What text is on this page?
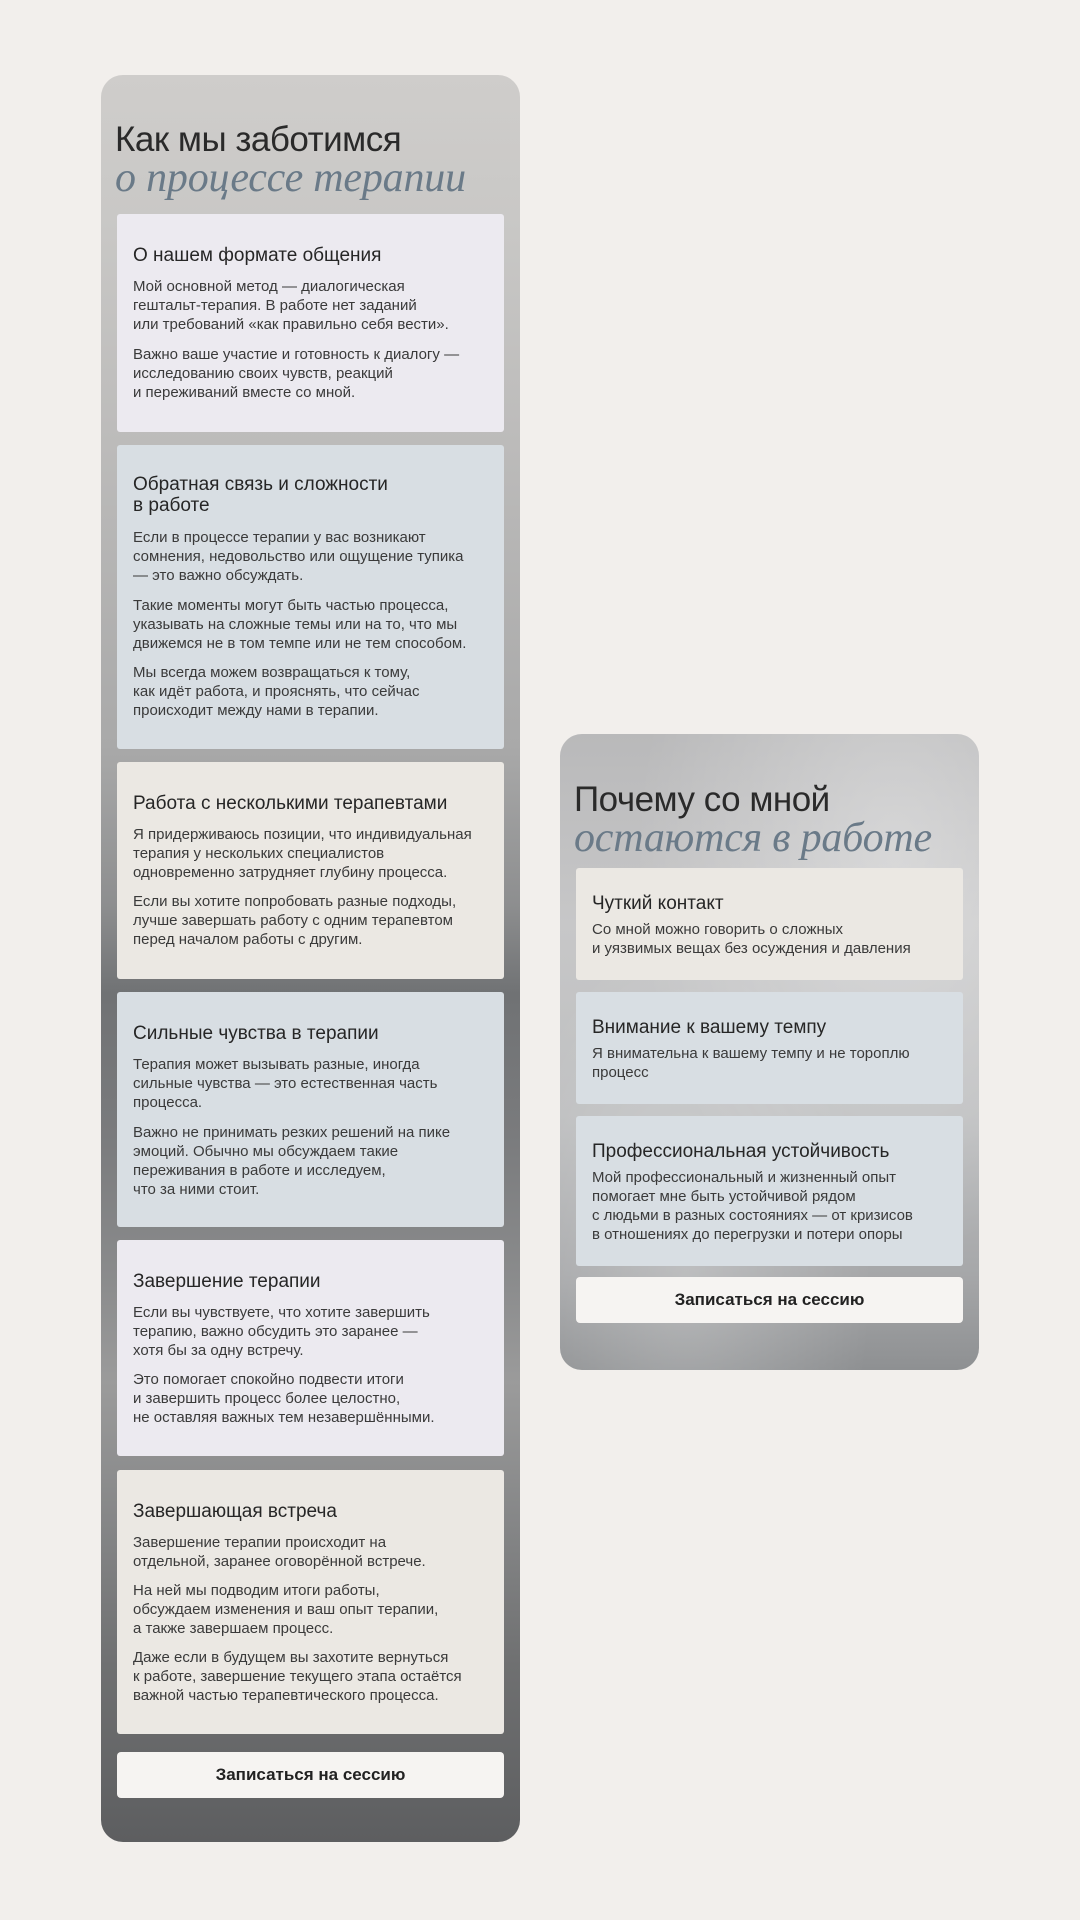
Как мы заботимся
о процессе терапии
О нашем формате общения

Мой основной метод — диалогическая
гештальт-терапия. В работе нет заданий
или требований «как правильно себя вести».

Важно ваше участие и готовность к диалогу —
исследованию своих чувств, реакций
и переживаний вместе со мной.

Обратная связь и сложности
в работе

Если в процессе терапии у вас возникают
сомнения, недовольство или ощущение тупика
— это важно обсуждать.

Такие моменты могут быть частью процесса,
указывать на сложные темы или на то, что мы
движемся не в том темпе или не тем способом.

Мы всегда можем возвращаться к тому,
как идёт работа, и прояснять, что сейчас
происходит между нами в терапии.

Работа с несколькими терапевтами

Я придерживаюсь позиции, что индивидуальная
терапия у нескольких специалистов
одновременно затрудняет глубину процесса.

Если вы хотите попробовать разные подходы,
лучше завершать работу с одним терапевтом
перед началом работы с другим.

Сильные чувства в терапии

Терапия может вызывать разные, иногда
сильные чувства — это естественная часть
процесса.

Важно не принимать резких решений на пике
эмоций. Обычно мы обсуждаем такие
переживания в работе и исследуем,
что за ними стоит.

Завершение терапии

Если вы чувствуете, что хотите завершить
терапию, важно обсудить это заранее —
хотя бы за одну встречу.

Это помогает спокойно подвести итоги
и завершить процесс более целостно,
не оставляя важных тем незавершёнными.

Завершающая встреча

Завершение терапии происходит на
отдельной, заранее оговорённой встрече.

На ней мы подводим итоги работы,
обсуждаем изменения и ваш опыт терапии,
а также завершаем процесс.

Даже если в будущем вы захотите вернуться
к работе, завершение текущего этапа остаётся
важной частью терапевтического процесса.

Записаться на сессию
Почему со мной
остаются в работе
Чуткий контакт

Со мной можно говорить о сложных
и уязвимых вещах без осуждения и давления

Внимание к вашему темпу

Я внимательна к вашему темпу и не тороплю
процесс

Профессиональная устойчивость

Мой профессиональный и жизненный опыт
помогает мне быть устойчивой рядом
с людьми в разных состояниях — от кризисов
в отношениях до перегрузки и потери опоры

Записаться на сессию
